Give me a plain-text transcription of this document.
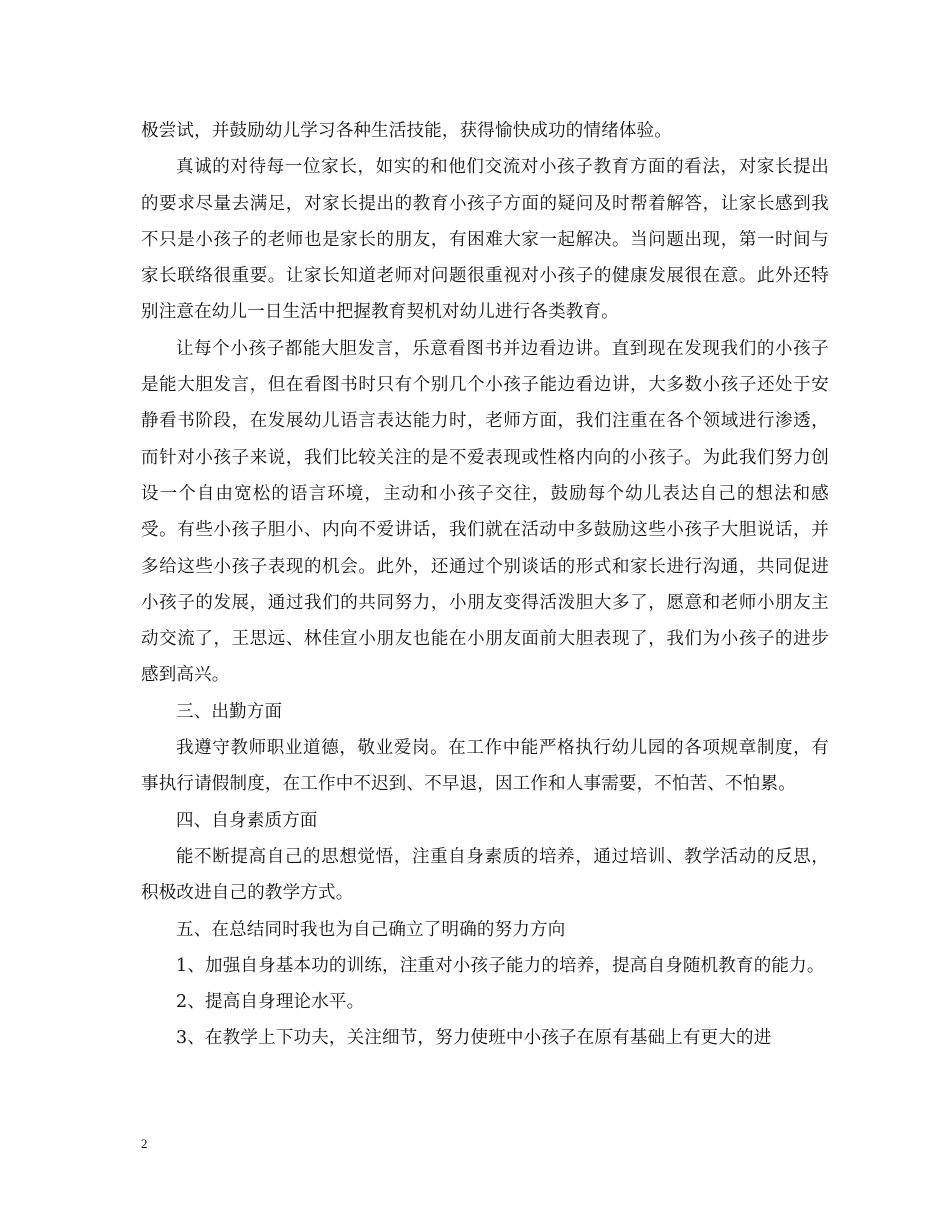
极尝试，并鼓励幼儿学习各种生活技能，获得愉快成功的情绪体验。

真诚的对待每一位家长，如实的和他们交流对小孩子教育方面的看法，对家长提出的要求尽量去满足，对家长提出的教育小孩子方面的疑问及时帮着解答，让家长感到我不只是小孩子的老师也是家长的朋友，有困难大家一起解决。当问题出现，第一时间与家长联络很重要。让家长知道老师对问题很重视对小孩子的健康发展很在意。此外还特别注意在幼儿一日生活中把握教育契机对幼儿进行各类教育。

让每个小孩子都能大胆发言，乐意看图书并边看边讲。直到现在发现我们的小孩子是能大胆发言，但在看图书时只有个别几个小孩子能边看边讲，大多数小孩子还处于安静看书阶段，在发展幼儿语言表达能力时，老师方面，我们注重在各个领域进行渗透，而针对小孩子来说，我们比较关注的是不爱表现或性格内向的小孩子。为此我们努力创设一个自由宽松的语言环境，主动和小孩子交往，鼓励每个幼儿表达自己的想法和感受。有些小孩子胆小、内向不爱讲话，我们就在活动中多鼓励这些小孩子大胆说话，并多给这些小孩子表现的机会。此外，还通过个别谈话的形式和家长进行沟通，共同促进小孩子的发展，通过我们的共同努力，小朋友变得活泼胆大多了，愿意和老师小朋友主动交流了，王思远、林佳宣小朋友也能在小朋友面前大胆表现了，我们为小孩子的进步感到高兴。

三、出勤方面

我遵守教师职业道德，敬业爱岗。在工作中能严格执行幼儿园的各项规章制度，有事执行请假制度，在工作中不迟到、不早退，因工作和人事需要，不怕苦、不怕累。

四、自身素质方面

能不断提高自己的思想觉悟，注重自身素质的培养，通过培训、教学活动的反思，积极改进自己的教学方式。

五、在总结同时我也为自己确立了明确的努力方向

1、加强自身基本功的训练，注重对小孩子能力的培养，提高自身随机教育的能力。

2、提高自身理论水平。

3、在教学上下功夫，关注细节，努力使班中小孩子在原有基础上有更大的进

2
